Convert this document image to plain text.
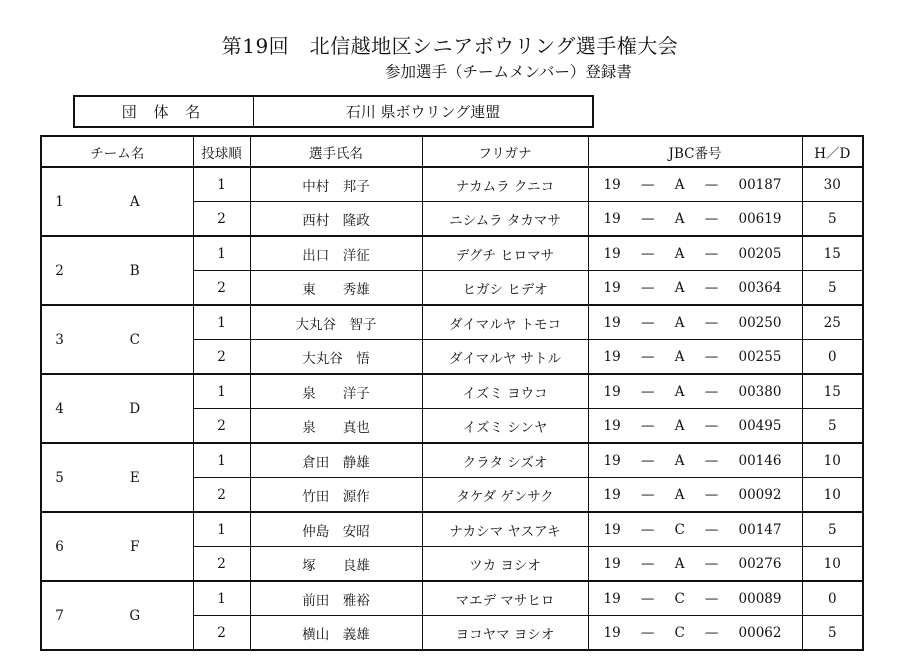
第19回　北信越地区シニアボウリング選手権大会
参加選手（チームメンバー）登録書
団 体 名	石川 県ボウリング連盟
チーム名		投球順	選手氏名	フリガナ	JBC番号	H／D
1	A	1	中村　邦子	ナカムラ クニコ	19 — A — 00187	30
		2	西村　隆政	ニシムラ タカマサ	19 — A — 00619	5
2	B	1	出口　洋征	デグチ ヒロマサ	19 — A — 00205	15
		2	東　　秀雄	ヒガシ ヒデオ	19 — A — 00364	5
3	C	1	大丸谷　智子	ダイマルヤ トモコ	19 — A — 00250	25
		2	大丸谷　悟	ダイマルヤ サトル	19 — A — 00255	0
4	D	1	泉　　洋子	イズミ ヨウコ	19 — A — 00380	15
		2	泉　　真也	イズミ シンヤ	19 — A — 00495	5
5	E	1	倉田　静雄	クラタ シズオ	19 — A — 00146	10
		2	竹田　源作	タケダ ゲンサク	19 — A — 00092	10
6	F	1	仲島　安昭	ナカシマ ヤスアキ	19 — C — 00147	5
		2	塚　　良雄	ツカ ヨシオ	19 — A — 00276	10
7	G	1	前田　雅裕	マエデ マサヒロ	19 — C — 00089	0
		2	横山　義雄	ヨコヤマ ヨシオ	19 — C — 00062	5
